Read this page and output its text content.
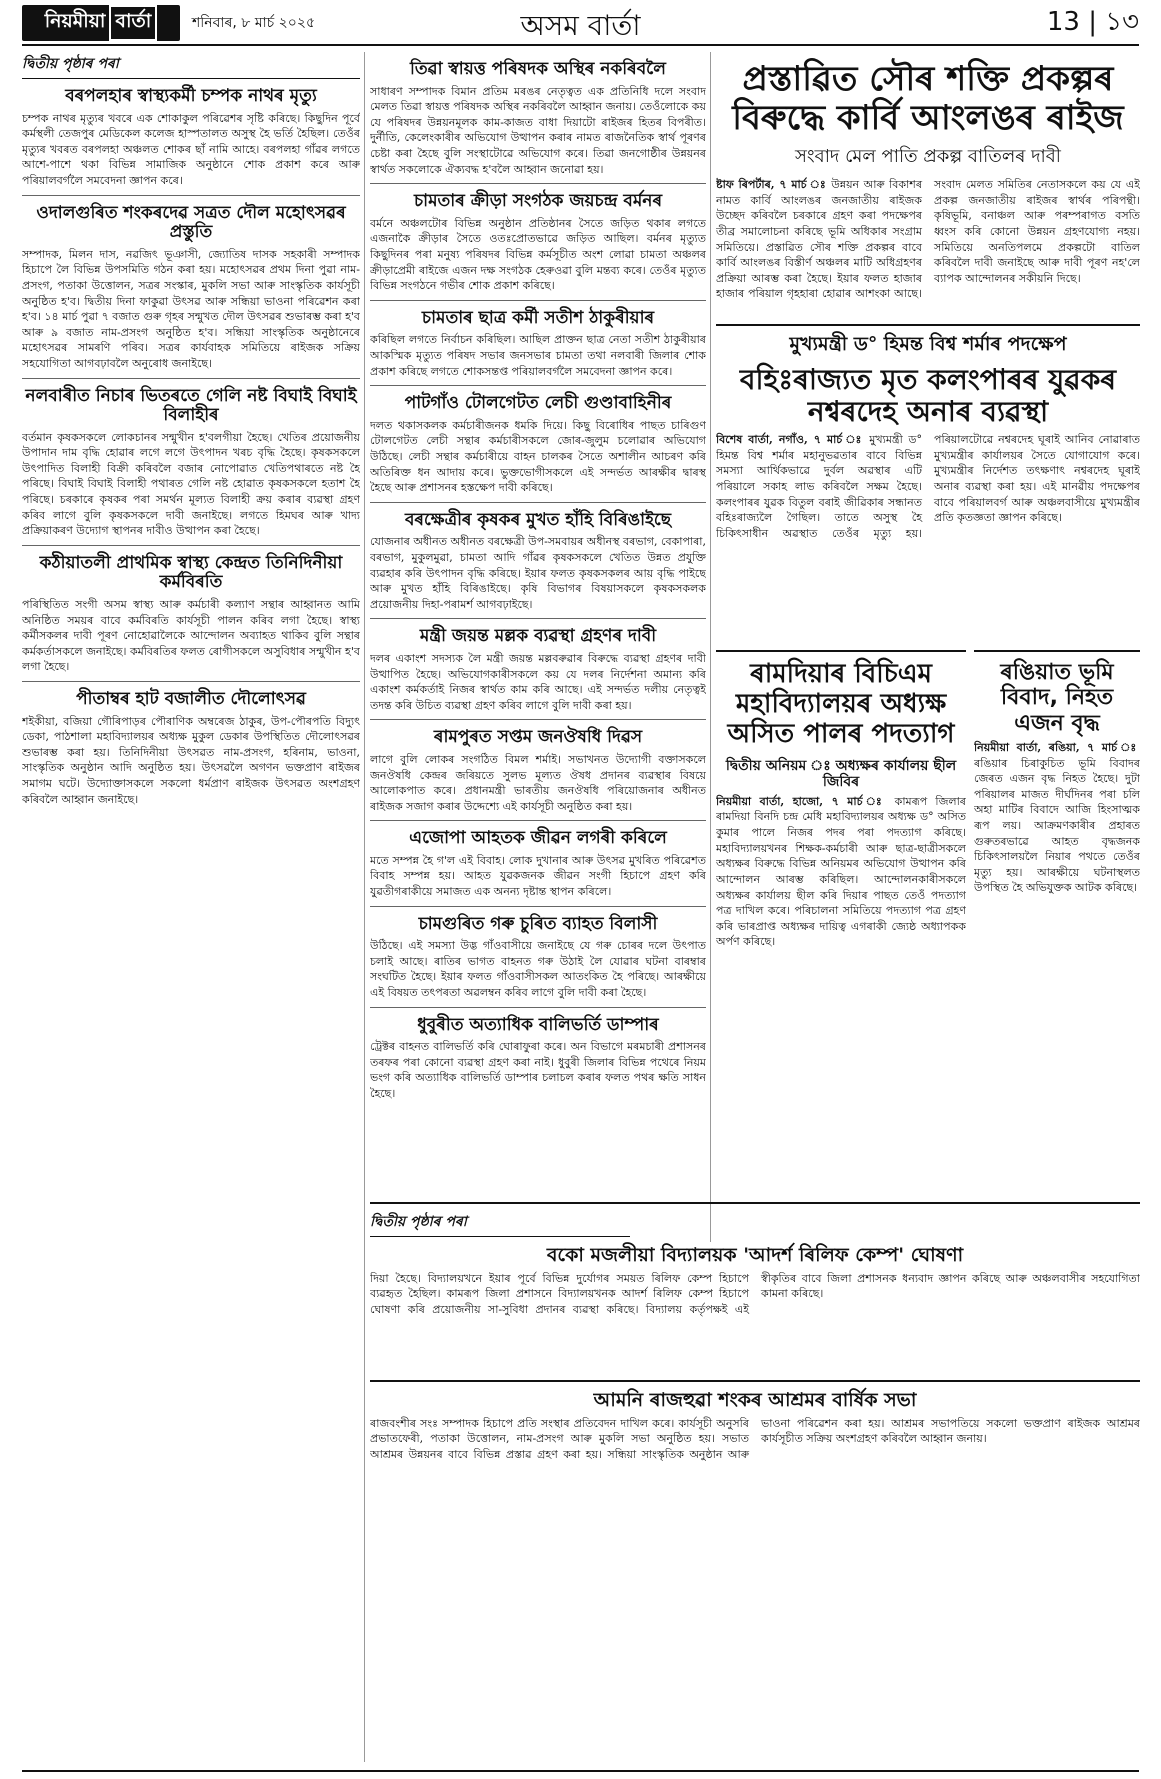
নিয়মীয়া বাৰ্তা	শনিবাৰ, ৮ মাৰ্চ ২০২৫	অসম বাৰ্তা	13 | ১৩
দ্বিতীয় পৃষ্ঠাৰ পৰা
বৰপলহাৰ স্বাস্থ্যকৰ্মী চম্পক নাথৰ মৃত্যু

চম্পক নাথৰ মৃত্যুৰ খবৰে এক শোকাকুল পৰিৱেশৰ সৃষ্টি কৰিছে। কিছুদিন পূৰ্বে কৰ্মস্থলী তেজপুৰ মেডিকেল কলেজ হাস্পতালত অসুস্থ হৈ ভৰ্তি হৈছিল। তেওঁৰ মৃত্যুৰ খবৰত বৰপলহা অঞ্চলত শোকৰ ছাঁ নামি আহে। বৰপলহা গাঁৱৰ লগতে আশে-পাশে থকা বিভিন্ন সামাজিক অনুষ্ঠানে শোক প্ৰকাশ কৰে আৰু পৰিয়ালবৰ্গলৈ সমবেদনা জ্ঞাপন কৰে।

ওদালগুৰিত শংকৰদেৱ সত্ৰত দৌল মহোৎসৱৰ প্ৰস্তুতি

সম্পাদক, মিলন দাস, নৱজিৎ ভূঞাসী, জ্যোতিষ দাসক সহকাৰী সম্পাদক হিচাপে লৈ বিভিন্ন উপসমিতি গঠন কৰা হয়। মহোৎসৱৰ প্ৰথম দিনা পুৱা নাম-প্ৰসংগ, পতাকা উত্তোলন, সত্ৰৰ সংস্কাৰ, মুকলি সভা আৰু সাংস্কৃতিক কাৰ্যসূচী অনুষ্ঠিত হ'ব। দ্বিতীয় দিনা ফাকুৱা উৎসৱ আৰু সন্ধিয়া ভাওনা পৰিৱেশন কৰা হ'ব। ১৪ মাৰ্চ পুৱা ৭ বজাত গুৰু গৃহৰ সন্মুখত দৌল উৎসৱৰ শুভাৰম্ভ কৰা হ'ব আৰু ৯ বজাত নাম-প্ৰসংগ অনুষ্ঠিত হ'ব। সন্ধিয়া সাংস্কৃতিক অনুষ্ঠানেৰে মহোৎসৱৰ সামৰণি পৰিব। সত্ৰৰ কাৰ্যবাহক সমিতিয়ে ৰাইজক সক্ৰিয় সহযোগিতা আগবঢ়াবলৈ অনুৰোধ জনাইছে।

নলবাৰীত নিচাৰ ভিতৰতে গেলি নষ্ট বিঘাই বিঘাই বিলাহীৰ

বৰ্তমান কৃষকসকলে লোকচানৰ সন্মুখীন হ'বলগীয়া হৈছে। খেতিৰ প্ৰয়োজনীয় উপাদান দাম বৃদ্ধি হোৱাৰ লগে লগে উৎপাদন খৰচ বৃদ্ধি হৈছে। কৃষকসকলে উৎপাদিত বিলাহী বিক্ৰী কৰিবলৈ বজাৰ নোপোৱাত খেতিপথাৰতে নষ্ট হৈ পৰিছে। বিঘাই বিঘাই বিলাহী পথাৰত গেলি নষ্ট হোৱাত কৃষকসকলে হতাশ হৈ পৰিছে। চৰকাৰে কৃষকৰ পৰা সমৰ্থন মূল্যত বিলাহী ক্ৰয় কৰাৰ ব্যৱস্থা গ্ৰহণ কৰিব লাগে বুলি কৃষকসকলে দাবী জনাইছে। লগতে হিমঘৰ আৰু খাদ্য প্ৰক্ৰিয়াকৰণ উদ্যোগ স্থাপনৰ দাবীও উত্থাপন কৰা হৈছে।

কঠীয়াতলী প্ৰাথমিক স্বাস্থ্য কেন্দ্ৰত তিনিদিনীয়া কৰ্মবিৰতি

পৰিস্থিতিত সংগী অসম স্বাস্থ্য আৰু কৰ্মচাৰী কল্যাণ সন্থাৰ আহ্বানত আমি অনিষ্ঠিত সময়ৰ বাবে কৰ্মবিৰতি কাৰ্যসূচী পালন কৰিব লগা হৈছে। স্বাস্থ্য কৰ্মীসকলৰ দাবী পূৰণ নোহোৱালৈকে আন্দোলন অব্যাহত থাকিব বুলি সন্থাৰ কৰ্মকৰ্তাসকলে জনাইছে। কৰ্মবিৰতিৰ ফলত ৰোগীসকলে অসুবিধাৰ সন্মুখীন হ'ব লগা হৈছে।

পীতাম্বৰ হাট বজালীত দৌলোৎসৱ

শইকীয়া, বজিয়া গৌৰিপাড়ৰ পৌৰাণিক অম্বৰেজ ঠাকুৰ, উপ-পৌৰপতি বিদ্যুৎ ডেকা, পাঠশালা মহাবিদ্যালয়ৰ অধ্যক্ষ মুকুল ডেকাৰ উপস্থিতিত দৌলোৎসৱৰ শুভাৰম্ভ কৰা হয়। তিনিদিনীয়া উৎসৱত নাম-প্ৰসংগ, হৰিনাম, ভাওনা, সাংস্কৃতিক অনুষ্ঠান আদি অনুষ্ঠিত হয়। উৎসৱলৈ অগণন ভক্তপ্ৰাণ ৰাইজৰ সমাগম ঘটে। উদ্যোক্তাসকলে সকলো ধৰ্মপ্ৰাণ ৰাইজক উৎসৱত অংশগ্ৰহণ কৰিবলৈ আহ্বান জনাইছে।

তিৱা স্বায়ত্ত পৰিষদক অস্থিৰ নকৰিবলৈ

সাধাৰণ সম্পাদক বিমান প্ৰতিম মৰঙৰ নেতৃত্বত এক প্ৰতিনিধি দলে সংবাদ মেলত তিৱা স্বায়ত্ত পৰিষদক অস্থিৰ নকৰিবলৈ আহ্বান জনায়। তেওঁলোকে কয় যে পৰিষদৰ উন্নয়নমূলক কাম-কাজত বাধা দিয়াটো ৰাইজৰ হিতৰ বিপৰীত। দুৰ্নীতি, কেলেংকাৰীৰ অভিযোগ উত্থাপন কৰাৰ নামত ৰাজনৈতিক স্বাৰ্থ পূৰণৰ চেষ্টা কৰা হৈছে বুলি সংস্থাটোৱে অভিযোগ কৰে। তিৱা জনগোষ্ঠীৰ উন্নয়নৰ স্বাৰ্থত সকলোকে ঐক্যবদ্ধ হ'বলৈ আহ্বান জনোৱা হয়।

চামতাৰ ক্ৰীড়া সংগঠক জয়চন্দ্ৰ বৰ্মনৰ

বৰ্মনে অঞ্চলটোৰ বিভিন্ন অনুষ্ঠান প্ৰতিষ্ঠানৰ সৈতে জড়িত থকাৰ লগতে এজনাকৈ ক্ৰীড়াৰ সৈতে ওতঃপ্ৰোতভাৱে জড়িত আছিল। বৰ্মনৰ মৃত্যুত কিছুদিনৰ পৰা মনুষ্য পৰিষদৰ বিভিন্ন কৰ্মসূচীত অংশ লোৱা চামতা অঞ্চলৰ ক্ৰীড়াপ্ৰেমী ৰাইজে এজন দক্ষ সংগঠক হেৰুওৱা বুলি মন্তব্য কৰে। তেওঁৰ মৃত্যুত বিভিন্ন সংগঠনে গভীৰ শোক প্ৰকাশ কৰিছে।

চামতাৰ ছাত্ৰ কৰ্মী সতীশ ঠাকুৰীয়াৰ

কৰিছিল লগতে নিৰ্বাচন কৰিছিল। আছিল প্ৰাক্তন ছাত্ৰ নেতা সতীশ ঠাকুৰীয়াৰ আকস্মিক মৃত্যুত পৰিষদ সভাৰ জনসভাৰ চামতা তথা নলবাৰী জিলাৰ শোক প্ৰকাশ কৰিছে লগতে শোকসন্তপ্ত পৰিয়ালবৰ্গলৈ সমবেদনা জ্ঞাপন কৰে।

পাটগাঁও টোলগেটত লেচী গুণ্ডাবাহিনীৰ

দলত থকাসকলক কৰ্মচাৰীজনক ধমকি দিয়ে। কিছু বিৰোধিৰ পাছত চাৰিগুণ টোলগেটত লেচী সন্থাৰ কৰ্মচাৰীসকলে জোৰ-জুলুম চলোৱাৰ অভিযোগ উঠিছে। লেচী সন্থাৰ কৰ্মচাৰীয়ে বাহন চালকৰ সৈতে অশালীন আচৰণ কৰি অতিৰিক্ত ধন আদায় কৰে। ভুক্তভোগীসকলে এই সন্দৰ্ভত আৰক্ষীৰ দ্বাৰস্থ হৈছে আৰু প্ৰশাসনৰ হস্তক্ষেপ দাবী কৰিছে।

বৰক্ষেত্ৰীৰ কৃষকৰ মুখত হাঁহি বিৰিঙাইছে

যোজনাৰ অধীনত অধীনত বৰক্ষেত্ৰী উপ-সমবায়ৰ অধীনস্থ বৰভাগ, বেকাপাৰা, বৰভাগ, মুকুলমুৱা, চামতা আদি গাঁৱৰ কৃষকসকলে খেতিত উন্নত প্ৰযুক্তি ব্যৱহাৰ কৰি উৎপাদন বৃদ্ধি কৰিছে। ইয়াৰ ফলত কৃষকসকলৰ আয় বৃদ্ধি পাইছে আৰু মুখত হাঁহি বিৰিঙাইছে। কৃষি বিভাগৰ বিষয়াসকলে কৃষকসকলক প্ৰয়োজনীয় দিহা-পৰামৰ্শ আগবঢ়াইছে।

মন্ত্ৰী জয়ন্ত মল্লক ব্যৱস্থা গ্ৰহণৰ দাবী

দলৰ একাংশ সদস্যক লৈ মন্ত্ৰী জয়ন্ত মল্লবৰুৱাৰ বিৰুদ্ধে ব্যৱস্থা গ্ৰহণৰ দাবী উত্থাপিত হৈছে। অভিযোগকাৰীসকলে কয় যে দলৰ নিৰ্দেশনা অমান্য কৰি একাংশ কৰ্মকৰ্তাই নিজৰ স্বাৰ্থত কাম কৰি আছে। এই সন্দৰ্ভত দলীয় নেতৃত্বই তদন্ত কৰি উচিত ব্যৱস্থা গ্ৰহণ কৰিব লাগে বুলি দাবী কৰা হয়।

ৰামপুৰত সপ্তম জনঔষধি দিৱস

লাগে বুলি লোকৰ সংগঠিত বিমল শৰ্মাই। সভাখনত উদ্যোগী বক্তাসকলে জনঔষধি কেন্দ্ৰৰ জৰিয়তে সুলভ মূল্যত ঔষধ প্ৰদানৰ ব্যৱস্থাৰ বিষয়ে আলোকপাত কৰে। প্ৰধানমন্ত্ৰী ভাৰতীয় জনঔষধি পৰিয়োজনাৰ অধীনত ৰাইজক সজাগ কৰাৰ উদ্দেশ্যে এই কাৰ্যসূচী অনুষ্ঠিত কৰা হয়।

এজোপা আহতক জীৱন লগৰী কৰিলে

মতে সম্পন্ন হৈ গ'ল এই বিবাহ। লোক দুখানাৰ আৰু উৎসৱ মুখৰিত পৰিৱেশত বিবাহ সম্পন্ন হয়। আহত যুৱকজনক জীৱন সংগী হিচাপে গ্ৰহণ কৰি যুৱতীগৰাকীয়ে সমাজত এক অনন্য দৃষ্টান্ত স্থাপন কৰিলে।

চামগুৰিত গৰু চুৰিত ব্যাহত বিলাসী

উঠিছে। এই সমস্যা উদ্ভ গাঁওবাসীয়ে জনাইছে যে গৰু চোৰৰ দলে উৎপাত চলাই আছে। ৰাতিৰ ভাগত বাহনত গৰু উঠাই লৈ যোৱাৰ ঘটনা বাৰম্বাৰ সংঘটিত হৈছে। ইয়াৰ ফলত গাঁওবাসীসকল আতংকিত হৈ পৰিছে। আৰক্ষীয়ে এই বিষয়ত তৎপৰতা অৱলম্বন কৰিব লাগে বুলি দাবী কৰা হৈছে।

ধুবুৰীত অত্যাধিক বালিভৰ্তি ডাম্পাৰ

ট্ৰেক্টৰ বাহনত বালিভৰ্তি কৰি ঘোৰাফুৰা কৰে। অন বিভাগে মৰমচাৰী প্ৰশাসনৰ তৰফৰ পৰা কোনো ব্যৱস্থা গ্ৰহণ কৰা নাই। ধুবুৰী জিলাৰ বিভিন্ন পথেৰে নিয়ম ভংগ কৰি অত্যাধিক বালিভৰ্তি ডাম্পাৰ চলাচল কৰাৰ ফলত পথৰ ক্ষতি সাধন হৈছে।

প্ৰস্তাৱিত সৌৰ শক্তি প্ৰকল্পৰ বিৰুদ্ধে কাৰ্বি আংলঙৰ ৰাইজ
সংবাদ মেল পাতি প্ৰকল্প বাতিলৰ দাবী

ষ্টাফ ৰিপৰ্টাৰ, ৭ মাৰ্চ ঃ উন্নয়ন আৰু বিকাশৰ নামত কাৰ্বি আংলঙৰ জনজাতীয় ৰাইজক উচ্ছেদ কৰিবলৈ চৰকাৰে গ্ৰহণ কৰা পদক্ষেপৰ তীব্ৰ সমালোচনা কৰিছে ভূমি অধিকাৰ সংগ্ৰাম সমিতিয়ে। প্ৰস্তাৱিত সৌৰ শক্তি প্ৰকল্পৰ বাবে কাৰ্বি আংলঙৰ বিস্তীৰ্ণ অঞ্চলৰ মাটি অধিগ্ৰহণৰ প্ৰক্ৰিয়া আৰম্ভ কৰা হৈছে। ইয়াৰ ফলত হাজাৰ হাজাৰ পৰিয়াল গৃহহাৰা হোৱাৰ আশংকা আছে। সংবাদ মেলত সমিতিৰ নেতাসকলে কয় যে এই প্ৰকল্প জনজাতীয় ৰাইজৰ স্বাৰ্থৰ পৰিপন্থী। কৃষিভূমি, বনাঞ্চল আৰু পৰম্পৰাগত বসতি ধ্বংস কৰি কোনো উন্নয়ন গ্ৰহণযোগ্য নহয়। সমিতিয়ে অনতিপলমে প্ৰকল্পটো বাতিল কৰিবলৈ দাবী জনাইছে আৰু দাবী পূৰণ নহ'লে ব্যাপক আন্দোলনৰ সকীয়নি দিছে।

মুখ্যমন্ত্ৰী ড° হিমন্ত বিশ্ব শৰ্মাৰ পদক্ষেপ
বহিঃৰাজ্যত মৃত কলংপাৰৰ যুৱকৰ নশ্বৰদেহ অনাৰ ব্যৱস্থা

বিশেষ বাৰ্তা, নগাঁও, ৭ মাৰ্চ ঃ মুখ্যমন্ত্ৰী ড° হিমন্ত বিশ্ব শৰ্মাৰ মহানুভৱতাৰ বাবে বিভিন্ন সমস্যা আৰ্থিকভাৱে দুৰ্বল অৱস্থাৰ এটি পৰিয়ালে সকাহ লাভ কৰিবলৈ সক্ষম হৈছে। কলংপাৰৰ যুৱক বিতুল বৰাই জীৱিকাৰ সন্ধানত বহিঃৰাজ্যলৈ গৈছিল। তাতে অসুস্থ হৈ চিকিৎসাধীন অৱস্থাত তেওঁৰ মৃত্যু হয়। পৰিয়ালটোৱে নশ্বৰদেহ ঘূৰাই আনিব নোৱাৰাত মুখ্যমন্ত্ৰীৰ কাৰ্যালয়ৰ সৈতে যোগাযোগ কৰে। মুখ্যমন্ত্ৰীৰ নিৰ্দেশত তৎক্ষণাৎ নশ্বৰদেহ ঘূৰাই অনাৰ ব্যৱস্থা কৰা হয়। এই মানৱীয় পদক্ষেপৰ বাবে পৰিয়ালবৰ্গ আৰু অঞ্চলবাসীয়ে মুখ্যমন্ত্ৰীৰ প্ৰতি কৃতজ্ঞতা জ্ঞাপন কৰিছে।

ৰামদিয়াৰ বিচিএম মহাবিদ্যালয়ৰ অধ্যক্ষ অসিত পালৰ পদত্যাগ
দ্বিতীয় অনিয়ম ঃ অধ্যক্ষৰ কাৰ্যালয় ছীল জিবিৰ

নিয়মীয়া বাৰ্তা, হাজো, ৭ মাৰ্চ ঃ কামৰূপ জিলাৰ ৰামদিয়া বিনদি চন্দ্ৰ মেধি মহাবিদ্যালয়ৰ অধ্যক্ষ ড° অসিত কুমাৰ পালে নিজৰ পদৰ পৰা পদত্যাগ কৰিছে। মহাবিদ্যালয়খনৰ শিক্ষক-কৰ্মচাৰী আৰু ছাত্ৰ-ছাত্ৰীসকলে অধ্যক্ষৰ বিৰুদ্ধে বিভিন্ন অনিয়মৰ অভিযোগ উত্থাপন কৰি আন্দোলন আৰম্ভ কৰিছিল। আন্দোলনকাৰীসকলে অধ্যক্ষৰ কাৰ্যালয় ছীল কৰি দিয়াৰ পাছত তেওঁ পদত্যাগ পত্ৰ দাখিল কৰে। পৰিচালনা সমিতিয়ে পদত্যাগ পত্ৰ গ্ৰহণ কৰি ভাৰপ্ৰাপ্ত অধ্যক্ষৰ দায়িত্ব এগৰাকী জ্যেষ্ঠ অধ্যাপকক অৰ্পণ কৰিছে।

ৰঙিয়াত ভূমি বিবাদ, নিহত এজন বৃদ্ধ

নিয়মীয়া বাৰ্তা, ৰঙিয়া, ৭ মাৰ্চ ঃ ৰঙিয়াৰ চিৰাকুচিত ভূমি বিবাদৰ জেৰত এজন বৃদ্ধ নিহত হৈছে। দুটা পৰিয়ালৰ মাজত দীৰ্ঘদিনৰ পৰা চলি অহা মাটিৰ বিবাদে আজি হিংসাত্মক ৰূপ লয়। আক্ৰমণকাৰীৰ প্ৰহাৰত গুৰুতৰভাৱে আহত বৃদ্ধজনক চিকিৎসালয়লৈ নিয়াৰ পথতে তেওঁৰ মৃত্যু হয়। আৰক্ষীয়ে ঘটনাস্থলত উপস্থিত হৈ অভিযুক্তক আটক কৰিছে।

দ্বিতীয় পৃষ্ঠাৰ পৰা
বকো মজলীয়া বিদ্যালয়ক 'আদৰ্শ ৰিলিফ কেম্প' ঘোষণা

দিয়া হৈছে। বিদ্যালয়খনে ইয়াৰ পূৰ্বে বিভিন্ন দুৰ্যোগৰ সময়ত ৰিলিফ কেম্প হিচাপে ব্যৱহৃত হৈছিল। কামৰূপ জিলা প্ৰশাসনে বিদ্যালয়খনক আদৰ্শ ৰিলিফ কেম্প হিচাপে ঘোষণা কৰি প্ৰয়োজনীয় সা-সুবিধা প্ৰদানৰ ব্যৱস্থা কৰিছে। বিদ্যালয় কৰ্তৃপক্ষই এই স্বীকৃতিৰ বাবে জিলা প্ৰশাসনক ধন্যবাদ জ্ঞাপন কৰিছে আৰু অঞ্চলবাসীৰ সহযোগিতা কামনা কৰিছে।

আমনি ৰাজহুৱা শংকৰ আশ্ৰমৰ বাৰ্ষিক সভা

ৰাজবংশীৰ সংঃ সম্পাদক হিচাপে প্ৰতি সংস্থাৰ প্ৰতিবেদন দাখিল কৰে। কাৰ্যসূচী অনুসৰি প্ৰভাতফেৰী, পতাকা উত্তোলন, নাম-প্ৰসংগ আৰু মুকলি সভা অনুষ্ঠিত হয়। সভাত আশ্ৰমৰ উন্নয়নৰ বাবে বিভিন্ন প্ৰস্তাৱ গ্ৰহণ কৰা হয়। সন্ধিয়া সাংস্কৃতিক অনুষ্ঠান আৰু ভাওনা পৰিৱেশন কৰা হয়। আশ্ৰমৰ সভাপতিয়ে সকলো ভক্তপ্ৰাণ ৰাইজক আশ্ৰমৰ কাৰ্যসূচীত সক্ৰিয় অংশগ্ৰহণ কৰিবলৈ আহ্বান জনায়।
